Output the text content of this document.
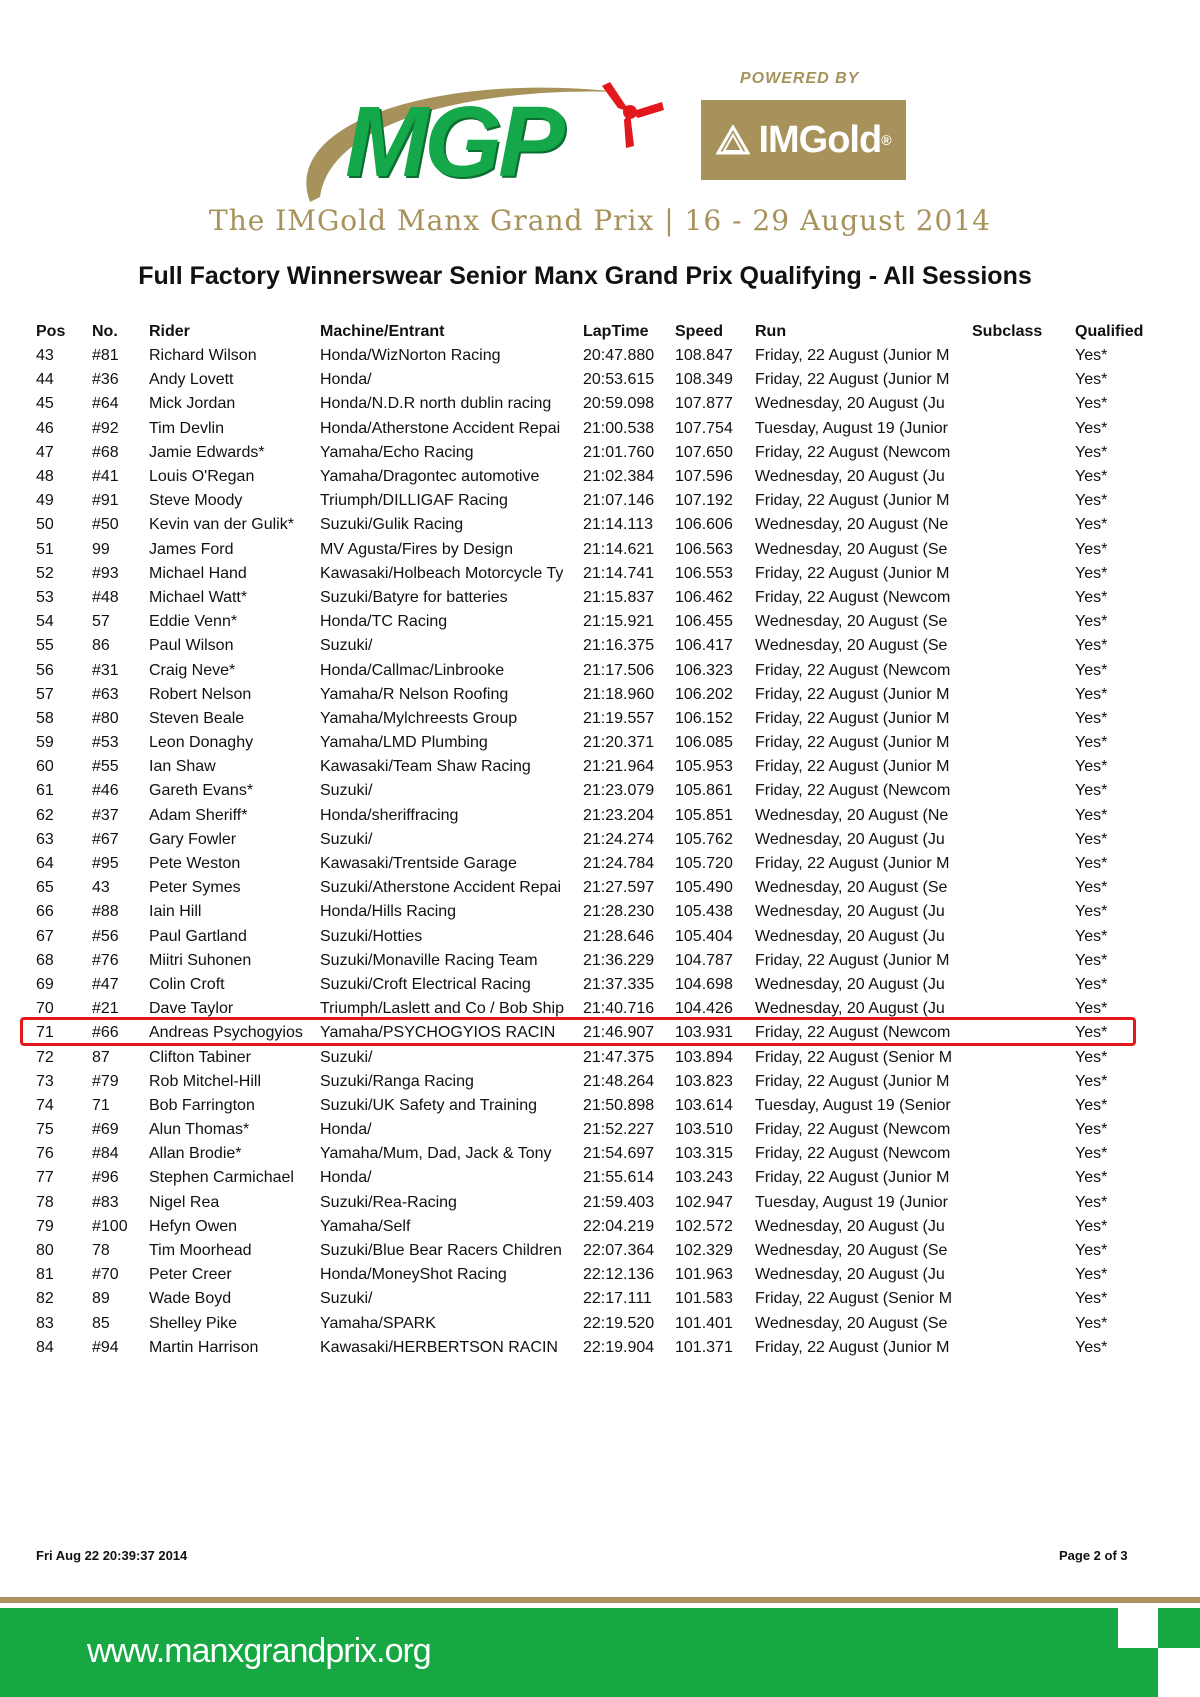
MGP
POWERED BY
IMGold ®
The IMGold Manx Grand Prix | 16 - 29 August 2014
Full Factory Winnerswear Senior Manx Grand Prix Qualifying - All Sessions
Pos	No.	Rider	Machine/Entrant	LapTime	Speed	Run	Subclass	Qualified
43	#81	Richard Wilson	Honda/WizNorton Racing	20:47.880	108.847	Friday, 22 August (Junior M		Yes*
44	#36	Andy Lovett	Honda/	20:53.615	108.349	Friday, 22 August (Junior M		Yes*
45	#64	Mick Jordan	Honda/N.D.R north dublin racing	20:59.098	107.877	Wednesday, 20 August (Ju		Yes*
46	#92	Tim Devlin	Honda/Atherstone Accident Repai	21:00.538	107.754	Tuesday, August 19 (Junior		Yes*
47	#68	Jamie Edwards*	Yamaha/Echo Racing	21:01.760	107.650	Friday, 22 August (Newcom		Yes*
48	#41	Louis O'Regan	Yamaha/Dragontec automotive	21:02.384	107.596	Wednesday, 20 August (Ju		Yes*
49	#91	Steve Moody	Triumph/DILLIGAF Racing	21:07.146	107.192	Friday, 22 August (Junior M		Yes*
50	#50	Kevin van der Gulik*	Suzuki/Gulik Racing	21:14.113	106.606	Wednesday, 20 August (Ne		Yes*
51	99	James Ford	MV Agusta/Fires by Design	21:14.621	106.563	Wednesday, 20 August (Se		Yes*
52	#93	Michael Hand	Kawasaki/Holbeach Motorcycle Ty	21:14.741	106.553	Friday, 22 August (Junior M		Yes*
53	#48	Michael Watt*	Suzuki/Batyre for batteries	21:15.837	106.462	Friday, 22 August (Newcom		Yes*
54	57	Eddie Venn*	Honda/TC Racing	21:15.921	106.455	Wednesday, 20 August (Se		Yes*
55	86	Paul Wilson	Suzuki/	21:16.375	106.417	Wednesday, 20 August (Se		Yes*
56	#31	Craig Neve*	Honda/Callmac/Linbrooke	21:17.506	106.323	Friday, 22 August (Newcom		Yes*
57	#63	Robert Nelson	Yamaha/R Nelson Roofing	21:18.960	106.202	Friday, 22 August (Junior M		Yes*
58	#80	Steven Beale	Yamaha/Mylchreests Group	21:19.557	106.152	Friday, 22 August (Junior M		Yes*
59	#53	Leon Donaghy	Yamaha/LMD Plumbing	21:20.371	106.085	Friday, 22 August (Junior M		Yes*
60	#55	Ian Shaw	Kawasaki/Team Shaw Racing	21:21.964	105.953	Friday, 22 August (Junior M		Yes*
61	#46	Gareth Evans*	Suzuki/	21:23.079	105.861	Friday, 22 August (Newcom		Yes*
62	#37	Adam Sheriff*	Honda/sheriffracing	21:23.204	105.851	Wednesday, 20 August (Ne		Yes*
63	#67	Gary Fowler	Suzuki/	21:24.274	105.762	Wednesday, 20 August (Ju		Yes*
64	#95	Pete Weston	Kawasaki/Trentside Garage	21:24.784	105.720	Friday, 22 August (Junior M		Yes*
65	43	Peter Symes	Suzuki/Atherstone Accident Repai	21:27.597	105.490	Wednesday, 20 August (Se		Yes*
66	#88	Iain Hill	Honda/Hills Racing	21:28.230	105.438	Wednesday, 20 August (Ju		Yes*
67	#56	Paul Gartland	Suzuki/Hotties	21:28.646	105.404	Wednesday, 20 August (Ju		Yes*
68	#76	Miitri Suhonen	Suzuki/Monaville Racing Team	21:36.229	104.787	Friday, 22 August (Junior M		Yes*
69	#47	Colin Croft	Suzuki/Croft Electrical Racing	21:37.335	104.698	Wednesday, 20 August (Ju		Yes*
70	#21	Dave Taylor	Triumph/Laslett and Co / Bob Ship	21:40.716	104.426	Wednesday, 20 August (Ju		Yes*
71	#66	Andreas Psychogyios	Yamaha/PSYCHOGYIOS RACIN	21:46.907	103.931	Friday, 22 August (Newcom		Yes*
72	87	Clifton Tabiner	Suzuki/	21:47.375	103.894	Friday, 22 August (Senior M		Yes*
73	#79	Rob Mitchel-Hill	Suzuki/Ranga Racing	21:48.264	103.823	Friday, 22 August (Junior M		Yes*
74	71	Bob Farrington	Suzuki/UK Safety and Training	21:50.898	103.614	Tuesday, August 19 (Senior		Yes*
75	#69	Alun Thomas*	Honda/	21:52.227	103.510	Friday, 22 August (Newcom		Yes*
76	#84	Allan Brodie*	Yamaha/Mum, Dad, Jack & Tony	21:54.697	103.315	Friday, 22 August (Newcom		Yes*
77	#96	Stephen Carmichael	Honda/	21:55.614	103.243	Friday, 22 August (Junior M		Yes*
78	#83	Nigel Rea	Suzuki/Rea-Racing	21:59.403	102.947	Tuesday, August 19 (Junior		Yes*
79	#100	Hefyn Owen	Yamaha/Self	22:04.219	102.572	Wednesday, 20 August (Ju		Yes*
80	78	Tim Moorhead	Suzuki/Blue Bear Racers Children	22:07.364	102.329	Wednesday, 20 August (Se		Yes*
81	#70	Peter Creer	Honda/MoneyShot Racing	22:12.136	101.963	Wednesday, 20 August (Ju		Yes*
82	89	Wade Boyd	Suzuki/	22:17.111	101.583	Friday, 22 August (Senior M		Yes*
83	85	Shelley Pike	Yamaha/SPARK	22:19.520	101.401	Wednesday, 20 August (Se		Yes*
84	#94	Martin Harrison	Kawasaki/HERBERTSON RACIN	22:19.904	101.371	Friday, 22 August (Junior M		Yes*
Fri Aug 22 20:39:37 2014	Page 2 of 3
www.manxgrandprix.org
